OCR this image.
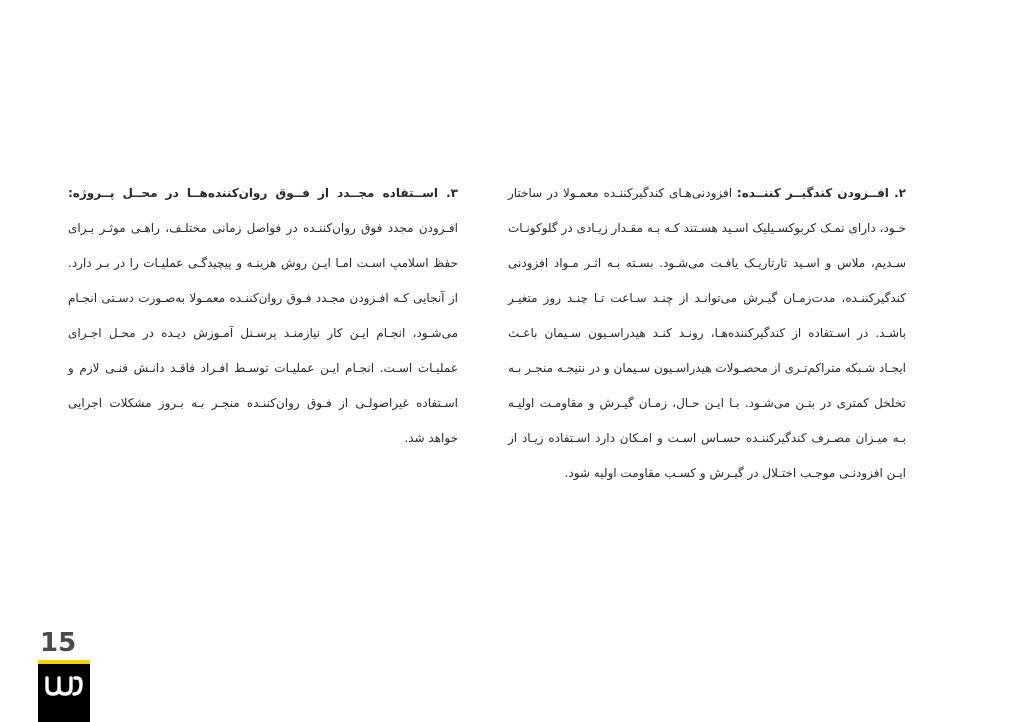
۲. افــزودن کندگیــر کننــده: افزودنی‌هـای کندگیرکننـده معمـولا در ساختار خـود، دارای نمـک کربوکسـیلیک اسـید هسـتند کـه بـه مقـدار زیـادی در گلوکونـات سـدیم، ملاس و اسـید تارتاریـک یافـت می‌شـود. بسـته بـه اثـر مـواد افزودنی کندگیرکننـده، مدت‌زمـان گیـرش می‌توانـد از چنـد سـاعت تـا چنـد روز متغیـر باشـد. در اسـتفاده از کندگیرکننده‌هـا، رونـد کنـد هیدراسـیون سـیمان باعـث ایجـاد شـبکه متراکم‌تـری از محصـولات هیدراسـیون سـیمان و در نتیجـه منجـر بـه تخلخل کمتری در بتـن می‌شـود. بـا ایـن حـال، زمـان گیـرش و مقاومـت اولیـه بـه میـزان مصـرف کندگیرکننـده حسـاس اسـت و امـکان دارد اسـتفاده زیـاد از ایـن افزودنـی موجـب اختـلال در گیـرش و کسـب مقاومت اولیه شود.
۳. اســتفاده مجــدد از فــوق روان‌کننده‌هــا در محــل پــروژه: افـزودن مجدد فوق روان‌کننـده در فواصل زمانی مختلـف، راهـی موثـر بـرای حفظ اسلامپ اسـت امـا ایـن روش هزینـه و پیچیدگـی عملیـات را در بـر دارد. از آنجایی کـه افـزودن مجـدد فـوق روان‌کننـده معمـولا به‌صـورت دسـتی انجـام می‌شـود، انجـام ایـن کار نیازمنـد پرسـنل آمـوزش دیـده در محـل اجـرای عملیـات اسـت. انجـام ایـن عملیـات توسـط افـراد فاقـد دانـش فنـی لازم و اسـتفاده غیراصولـی از فـوق روان‌کننـده منجـر بـه بـروز مشکلات اجرایی خواهد شد.
15
